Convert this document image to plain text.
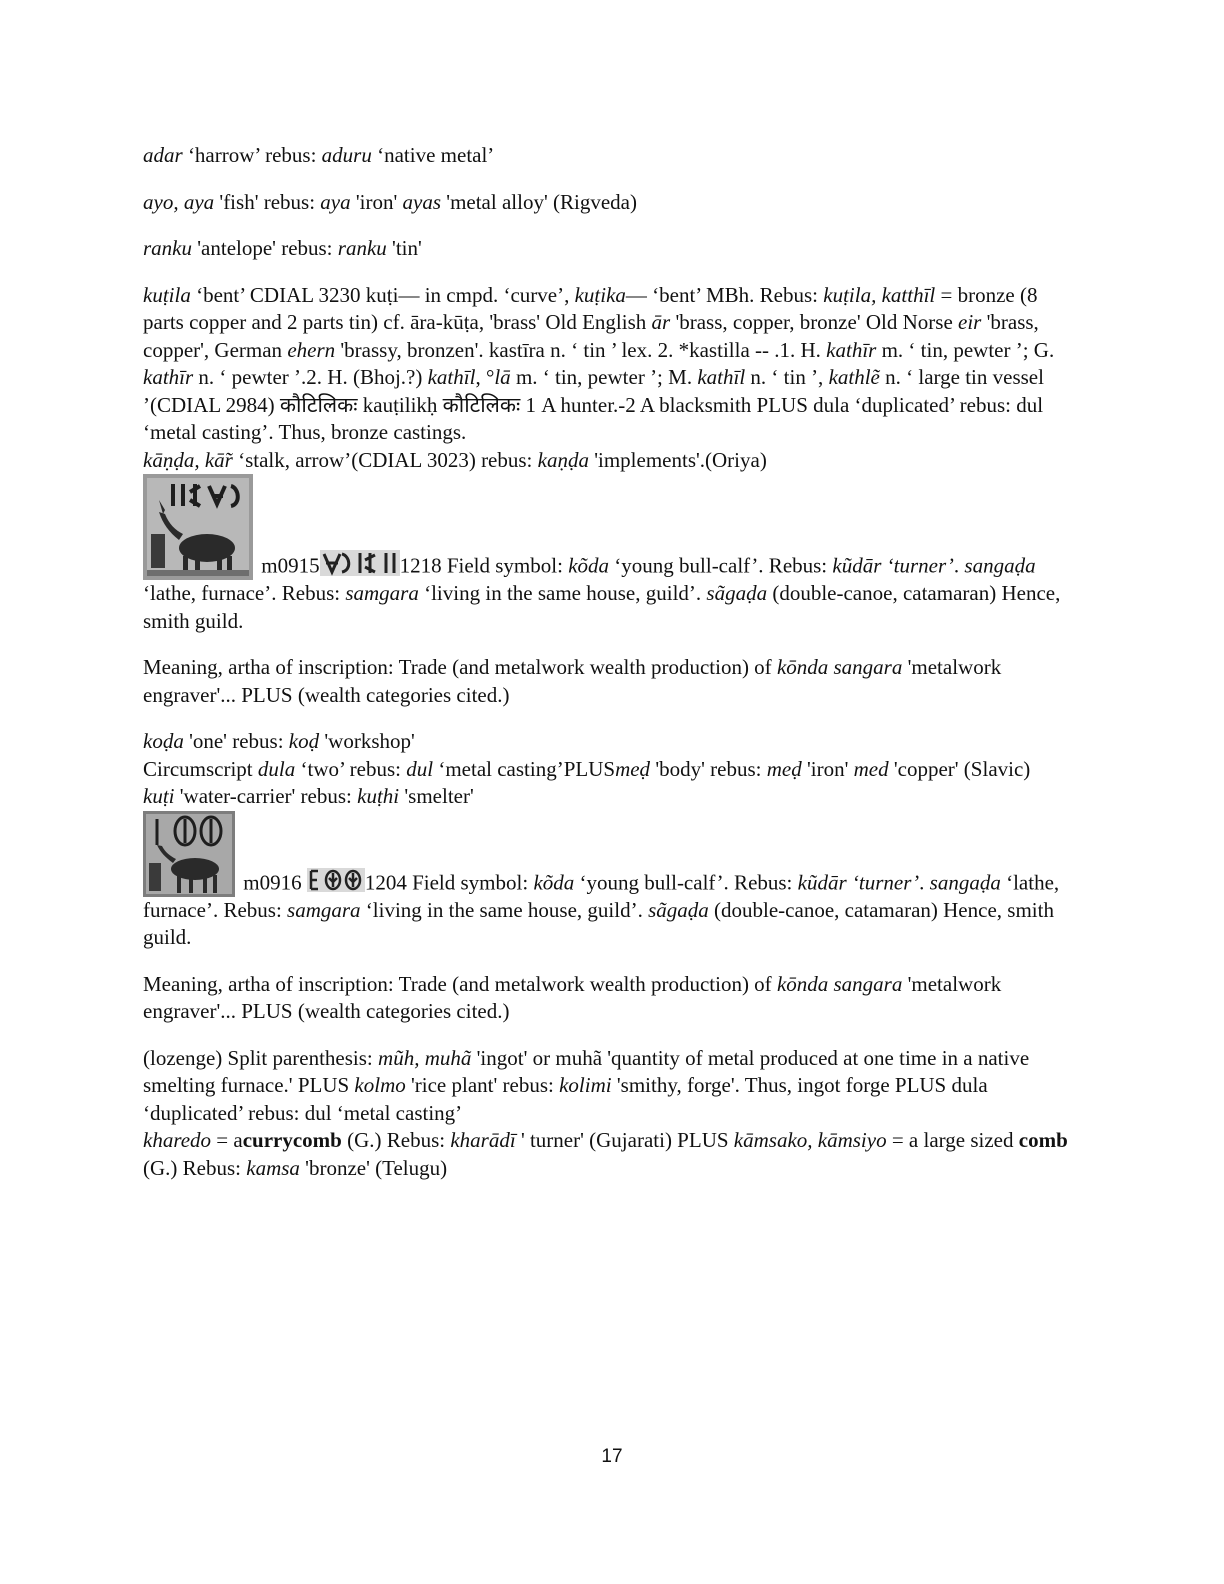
adar ‘harrow’ rebus: aduru ‘native metal’

ayo, aya 'fish' rebus: aya 'iron' ayas 'metal alloy' (Rigveda)

ranku 'antelope' rebus: ranku 'tin'

kuṭila ‘bent’ CDIAL 3230 kuṭi— in cmpd. ‘curve’, kuṭika— ‘bent’ MBh. Rebus: kuṭila, katthīl = bronze (8 parts copper and 2 parts tin) cf. āra-kūṭa, 'brass' Old English ār 'brass, copper, bronze' Old Norse eir 'brass, copper', German ehern 'brassy, bronzen'. kastīra n. ‘ tin ’ lex. 2. *kastilla -- .1. H. kathīr m. ‘ tin, pewter ’; G. kathīr n. ‘ pewter ’.2. H. (Bhoj.?) kathīl, °lā m. ‘ tin, pewter ’; M. kathīl n. ‘ tin ’, kathlẽ n. ‘ large tin vessel ’(CDIAL 2984) कौटिलिकः kauṭilikḥ कौटिलिकः 1 A hunter.-2 A blacksmith PLUS dula ‘duplicated’ rebus: dul ‘metal casting’. Thus, bronze castings.

kāṇḍa, kā̃r ‘stalk, arrow’(CDIAL 3023) rebus: kaṇḍa 'implements'.(Oriya)

m0915	1218 Field symbol: kõda ‘young bull-calf’. Rebus: kũdār ‘turner’. sangaḍa ‘lathe, furnace’. Rebus: samgara ‘living in the same house, guild’. sãgaḍa (double-canoe, catamaran) Hence, smith guild.

Meaning, artha of inscription: Trade (and metalwork wealth production) of kōnda sangara 'metalwork engraver'... PLUS (wealth categories cited.)

koḍa 'one' rebus: koḍ 'workshop'

Circumscript dula ‘two’ rebus: dul ‘metal casting’PLUSmeḍ 'body' rebus: meḍ 'iron' med 'copper' (Slavic)

kuṭi 'water-carrier' rebus: kuṭhi 'smelter'

m0916	1204 Field symbol: kõda ‘young bull-calf’. Rebus: kũdār ‘turner’. sangaḍa ‘lathe, furnace’. Rebus: samgara ‘living in the same house, guild’. sãgaḍa (double-canoe, catamaran) Hence, smith guild.

Meaning, artha of inscription: Trade (and metalwork wealth production) of kōnda sangara 'metalwork engraver'... PLUS (wealth categories cited.)

(lozenge) Split parenthesis: mũh, muhã 'ingot' or muhã 'quantity of metal produced at one time in a native smelting furnace.' PLUS kolmo 'rice plant' rebus: kolimi 'smithy, forge'. Thus, ingot forge PLUS dula ‘duplicated’ rebus: dul ‘metal casting’

kharedo = acurrycomb (G.) Rebus: kharādī ' turner' (Gujarati) PLUS kāmsako, kāmsiyo = a large sized comb (G.) Rebus: kamsa 'bronze' (Telugu)

17
